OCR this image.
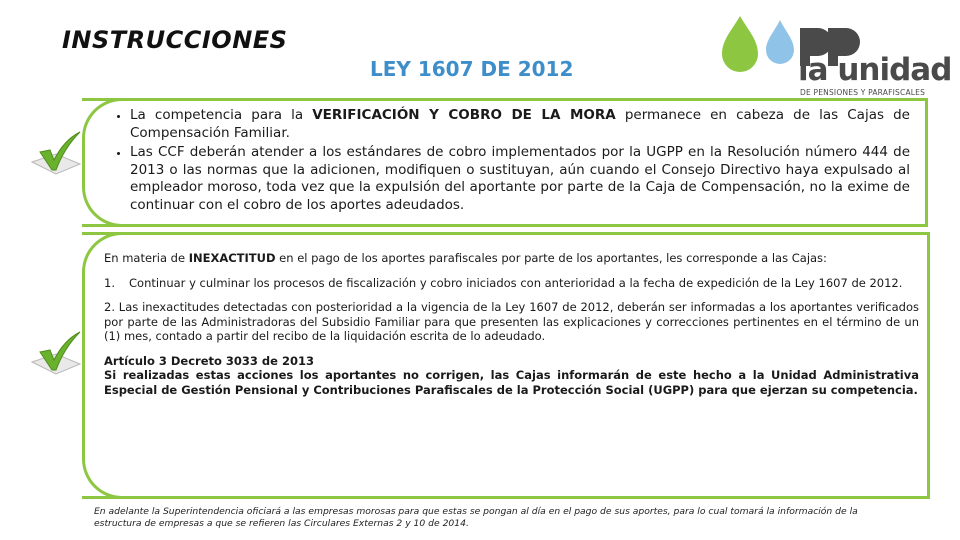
INSTRUCCIONES
LEY 1607 DE 2012	la unidad
DE PENSIONES Y PARAFISCALES
• La competencia para la VERIFICACIÓN Y COBRO DE LA MORA permanece en cabeza de las Cajas de Compensación Familiar.
• Las CCF deberán atender a los estándares de cobro implementados por la UGPP en la Resolución número 444 de 2013 o las normas que la adicionen, modifiquen o sustituyan, aún cuando el Consejo Directivo haya expulsado al empleador moroso, toda vez que la expulsión del aportante por parte de la Caja de Compensación, no la exime de continuar con el cobro de los aportes adeudados.

En materia de INEXACTITUD en el pago de los aportes parafiscales por parte de los aportantes, les corresponde a las Cajas:

1.	Continuar y culminar los procesos de fiscalización y cobro iniciados con anterioridad a la fecha de expedición de la Ley 1607 de 2012.

2. Las inexactitudes detectadas con posterioridad a la vigencia de la Ley 1607 de 2012, deberán ser informadas a los aportantes verificados por parte de las Administradoras del Subsidio Familiar para que presenten las explicaciones y correcciones pertinentes en el término de un (1) mes, contado a partir del recibo de la liquidación escrita de lo adeudado.

Artículo 3 Decreto 3033 de 2013

Si realizadas estas acciones los aportantes no corrigen, las Cajas informarán de este hecho a la Unidad Administrativa Especial de Gestión Pensional y Contribuciones Parafiscales de la Protección Social (UGPP) para que ejerzan su competencia.

En adelante la Superintendencia oficiará a las empresas morosas para que estas se pongan al día en el pago de sus aportes, para lo cual tomará la información de la estructura de empresas a que se refieren las Circulares Externas 2 y 10 de 2014.
